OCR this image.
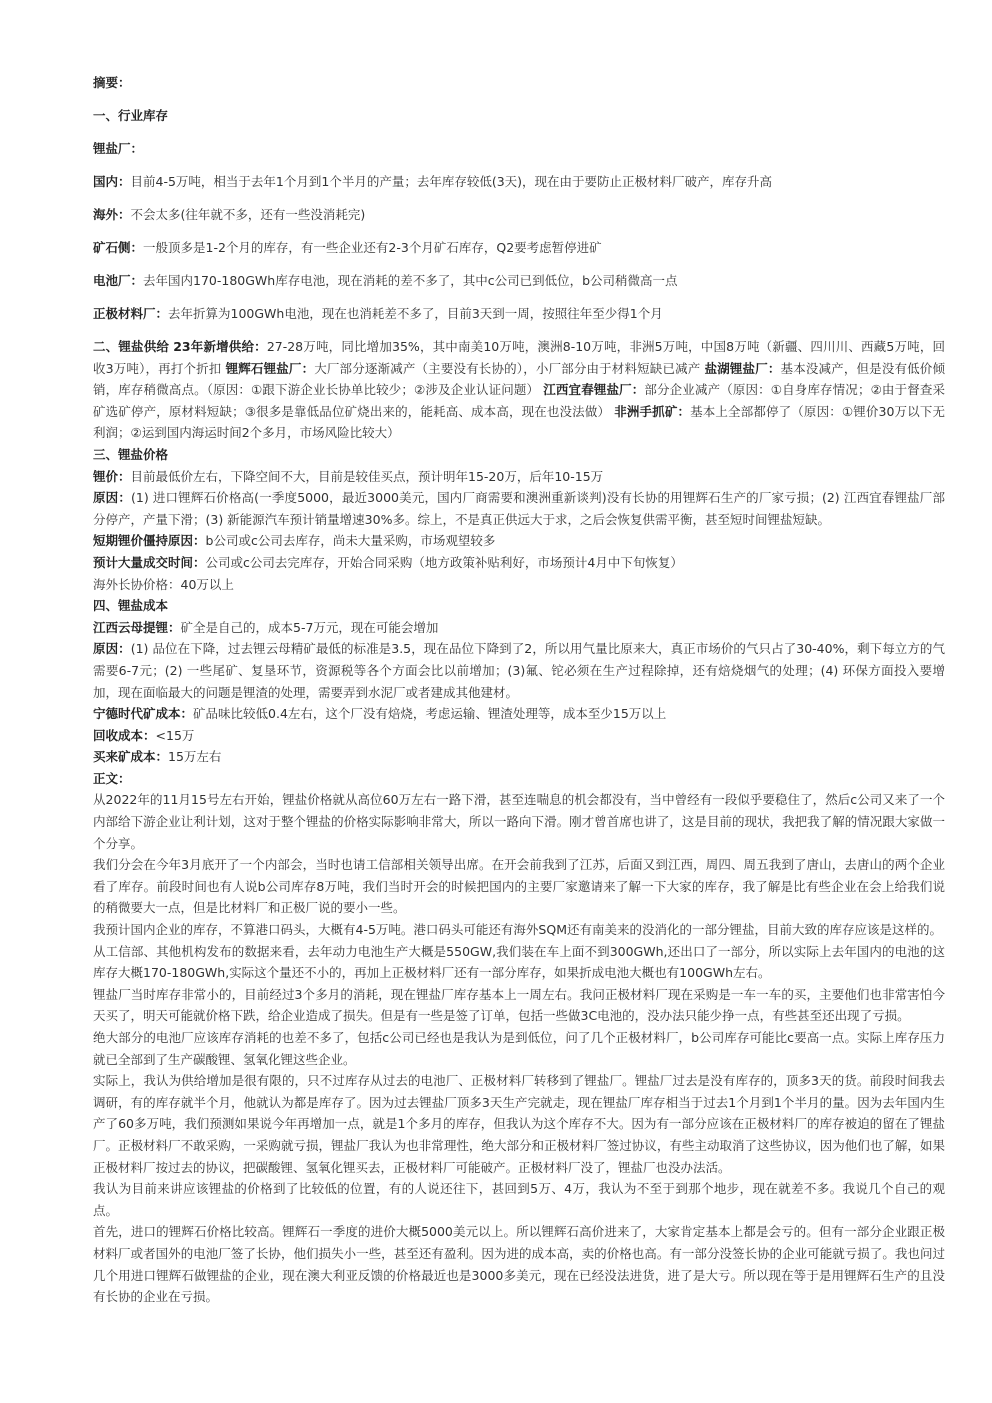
摘要：

一、行业库存

锂盐厂：

国内：目前4-5万吨，相当于去年1个月到1个半月的产量；去年库存较低(3天)，现在由于要防止正极材料厂破产，库存升高

海外：不会太多(往年就不多，还有一些没消耗完)

矿石侧：一般顶多是1-2个月的库存，有一些企业还有2-3个月矿石库存，Q2要考虑暂停进矿

电池厂：去年国内170-180GWh库存电池，现在消耗的差不多了，其中c公司已到低位，b公司稍微高一点

正极材料厂：去年折算为100GWh电池，现在也消耗差不多了，目前3天到一周，按照往年至少得1个月

二、锂盐供给 23年新增供给：27-28万吨，同比增加35%，其中南美10万吨，澳洲8-10万吨，非洲5万吨，中国8万吨（新疆、四川川、西藏5万吨，回收3万吨），再打个折扣 锂辉石锂盐厂：大厂部分逐渐减产（主要没有长协的），小厂部分由于材料短缺已减产 盐湖锂盐厂：基本没减产，但是没有低价倾销，库存稍微高点。（原因：①跟下游企业长协单比较少；②涉及企业认证问题） 江西宜春锂盐厂：部分企业减产（原因：①自身库存情况；②由于督查采矿选矿停产，原材料短缺；③很多是靠低品位矿烧出来的，能耗高、成本高，现在也没法做） 非洲手抓矿：基本上全部都停了（原因：①锂价30万以下无利润；②运到国内海运时间2个多月，市场风险比较大）

三、锂盐价格

锂价：目前最低价左右，下降空间不大，目前是较佳买点，预计明年15-20万，后年10-15万

原因：(1) 进口锂辉石价格高(一季度5000，最近3000美元，国内厂商需要和澳洲重新谈判)没有长协的用锂辉石生产的厂家亏损；(2) 江西宜春锂盐厂部分停产，产量下滑；(3) 新能源汽车预计销量增速30%多。综上，不是真正供远大于求，之后会恢复供需平衡，甚至短时间锂盐短缺。

短期锂价僵持原因：b公司或c公司去库存，尚未大量采购，市场观望较多

预计大量成交时间：公司或c公司去完库存，开始合同采购（地方政策补贴利好，市场预计4月中下旬恢复）

海外长协价格：40万以上

四、锂盐成本

江西云母提锂：矿全是自己的，成本5-7万元，现在可能会增加

原因：(1) 品位在下降，过去锂云母精矿最低的标准是3.5，现在品位下降到了2，所以用气量比原来大，真正市场价的气只占了30-40%，剩下每立方的气需要6-7元；(2) 一些尾矿、复垦环节，资源税等各个方面会比以前增加；(3)氟、铊必须在生产过程除掉，还有焙烧烟气的处理；(4) 环保方面投入要增加，现在面临最大的问题是锂渣的处理，需要弄到水泥厂或者建成其他建材。

宁德时代矿成本：矿品味比较低0.4左右，这个厂没有焙烧，考虑运输、锂渣处理等，成本至少15万以上

回收成本：<15万

买来矿成本：15万左右

正文：

从2022年的11月15号左右开始，锂盐价格就从高位60万左右一路下滑，甚至连喘息的机会都没有，当中曾经有一段似乎要稳住了，然后c公司又来了一个内部给下游企业让利计划，这对于整个锂盐的价格实际影响非常大，所以一路向下滑。刚才曾首席也讲了，这是目前的现状，我把我了解的情况跟大家做一个分享。

我们分会在今年3月底开了一个内部会，当时也请工信部相关领导出席。在开会前我到了江苏，后面又到江西，周四、周五我到了唐山，去唐山的两个企业看了库存。前段时间也有人说b公司库存8万吨，我们当时开会的时候把国内的主要厂家邀请来了解一下大家的库存，我了解是比有些企业在会上给我们说的稍微要大一点，但是比材料厂和正极厂说的要小一些。

我预计国内企业的库存，不算港口码头，大概有4-5万吨。港口码头可能还有海外SQM还有南美来的没消化的一部分锂盐，目前大致的库存应该是这样的。

从工信部、其他机构发布的数据来看，去年动力电池生产大概是550GW,我们装在车上面不到300GWh,还出口了一部分，所以实际上去年国内的电池的这库存大概170-180GWh,实际这个量还不小的，再加上正极材料厂还有一部分库存，如果折成电池大概也有100GWh左右。

锂盐厂当时库存非常小的，目前经过3个多月的消耗，现在锂盐厂库存基本上一周左右。我问正极材料厂现在采购是一车一车的买，主要他们也非常害怕今天买了，明天可能就价格下跌，给企业造成了损失。但是有一些是签了订单，包括一些做3C电池的，没办法只能少挣一点，有些甚至还出现了亏损。

绝大部分的电池厂应该库存消耗的也差不多了，包括c公司已经也是我认为是到低位，问了几个正极材料厂，b公司库存可能比c要高一点。实际上库存压力就已全部到了生产碳酸锂、氢氧化锂这些企业。

实际上，我认为供给增加是很有限的，只不过库存从过去的电池厂、正极材料厂转移到了锂盐厂。锂盐厂过去是没有库存的，顶多3天的货。前段时间我去调研，有的库存就半个月，他就认为都是库存了。因为过去锂盐厂顶多3天生产完就走，现在锂盐厂库存相当于过去1个月到1个半月的量。因为去年国内生产了60多万吨，我们预测如果说今年再增加一点，就是1个多月的库存，但我认为这个库存不大。因为有一部分应该在正极材料厂的库存被迫的留在了锂盐厂。正极材料厂不敢采购，一采购就亏损，锂盐厂我认为也非常理性，绝大部分和正极材料厂签过协议，有些主动取消了这些协议，因为他们也了解，如果正极材料厂按过去的协议，把碳酸锂、氢氧化锂买去，正极材料厂可能破产。正极材料厂没了，锂盐厂也没办法活。

我认为目前来讲应该锂盐的价格到了比较低的位置，有的人说还往下，甚回到5万、4万，我认为不至于到那个地步，现在就差不多。我说几个自己的观点。

首先，进口的锂辉石价格比较高。锂辉石一季度的进价大概5000美元以上。所以锂辉石高价进来了，大家肯定基本上都是会亏的。但有一部分企业跟正极材料厂或者国外的电池厂签了长协，他们损失小一些，甚至还有盈利。因为进的成本高，卖的价格也高。有一部分没签长协的企业可能就亏损了。我也问过几个用进口锂辉石做锂盐的企业，现在澳大利亚反馈的价格最近也是3000多美元，现在已经没法进货，进了是大亏。所以现在等于是用锂辉石生产的且没有长协的企业在亏损。
